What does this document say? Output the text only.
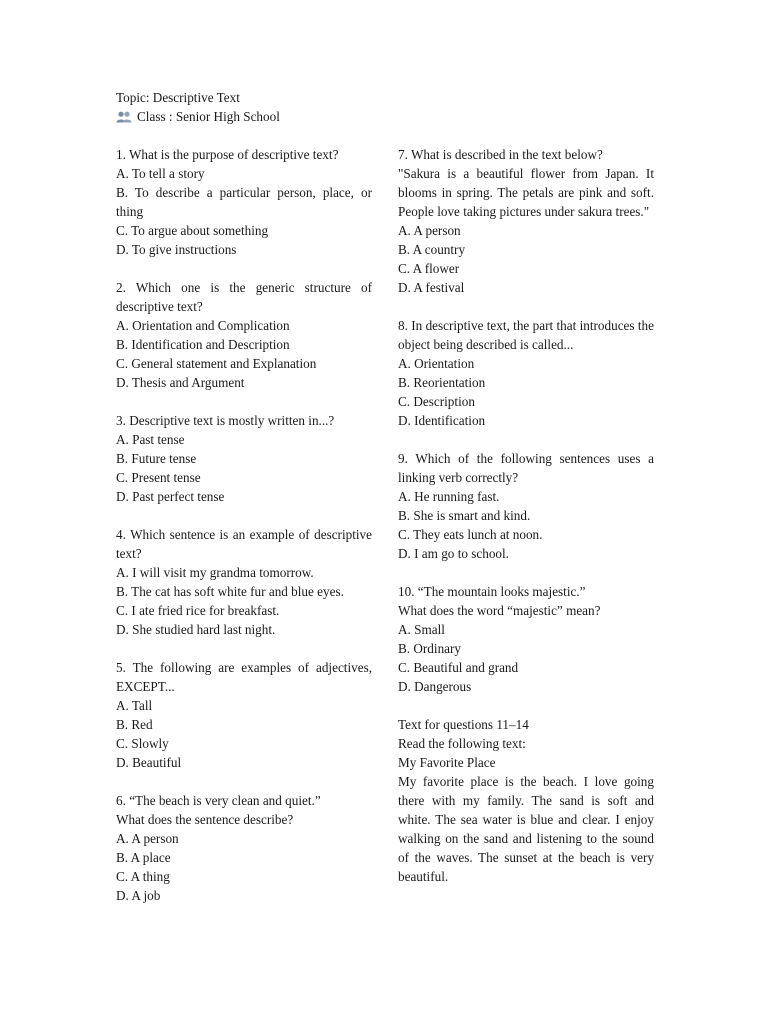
Topic: Descriptive Text

Class : Senior High School

1. What is the purpose of descriptive text?

A. To tell a story

B. To describe a particular person, place, or thing

C. To argue about something

D. To give instructions

2. Which one is the generic structure of descriptive text?

A. Orientation and Complication

B. Identification and Description

C. General statement and Explanation

D. Thesis and Argument

3. Descriptive text is mostly written in...?

A. Past tense

B. Future tense

C. Present tense

D. Past perfect tense

4. Which sentence is an example of descriptive text?

A. I will visit my grandma tomorrow.

B. The cat has soft white fur and blue eyes.

C. I ate fried rice for breakfast.

D. She studied hard last night.

5. The following are examples of adjectives, EXCEPT...

A. Tall

B. Red

C. Slowly

D. Beautiful

6. “The beach is very clean and quiet.”

What does the sentence describe?

A. A person

B. A place

C. A thing

D. A job

7. What is described in the text below?

"Sakura is a beautiful flower from Japan. It blooms in spring. The petals are pink and soft. People love taking pictures under sakura trees."

A. A person

B. A country

C. A flower

D. A festival

8. In descriptive text, the part that introduces the object being described is called...

A. Orientation

B. Reorientation

C. Description

D. Identification

9. Which of the following sentences uses a linking verb correctly?

A. He running fast.

B. She is smart and kind.

C. They eats lunch at noon.

D. I am go to school.

10. “The mountain looks majestic.”

What does the word “majestic” mean?

A. Small

B. Ordinary

C. Beautiful and grand

D. Dangerous

Text for questions 11–14

Read the following text:

My Favorite Place

My favorite place is the beach. I love going there with my family. The sand is soft and white. The sea water is blue and clear. I enjoy walking on the sand and listening to the sound of the waves. The sunset at the beach is very beautiful.
